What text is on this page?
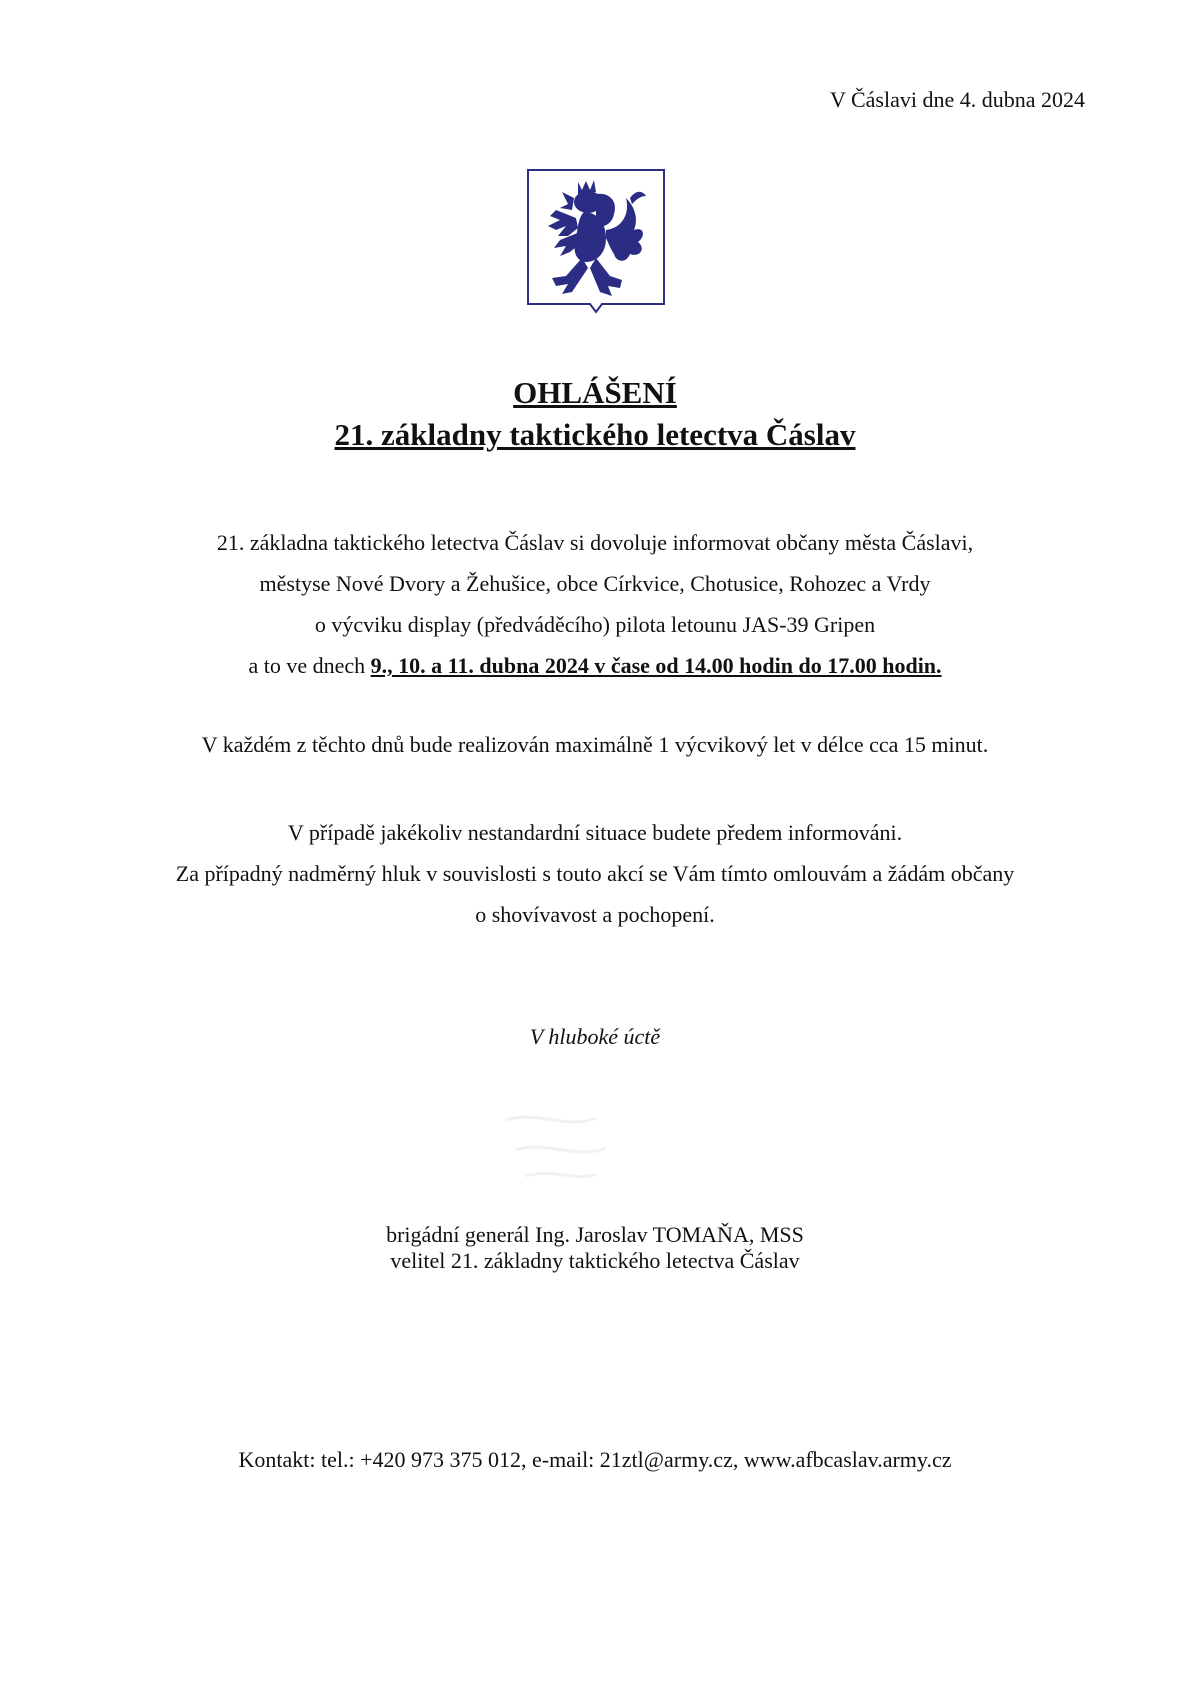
V Čáslavi dne 4. dubna 2024
OHLÁŠENÍ
21. základny taktického letectva Čáslav
21. základna taktického letectva Čáslav si dovoluje informovat občany města Čáslavi,
městyse Nové Dvory a Žehušice, obce Církvice, Chotusice, Rohozec a Vrdy
o výcviku display (předváděcího) pilota letounu JAS-39 Gripen
a to ve dnech 9., 10. a 11. dubna 2024 v čase od 14.00 hodin do 17.00 hodin.
V každém z těchto dnů bude realizován maximálně 1 výcvikový let v délce cca 15 minut.
V případě jakékoliv nestandardní situace budete předem informováni.
Za případný nadměrný hluk v souvislosti s touto akcí se Vám tímto omlouvám a žádám občany
o shovívavost a pochopení.
V hluboké úctě
brigádní generál Ing. Jaroslav TOMAŇA, MSS
velitel 21. základny taktického letectva Čáslav
Kontakt: tel.: +420 973 375 012, e-mail: 21ztl@army.cz, www.afbcaslav.army.cz
